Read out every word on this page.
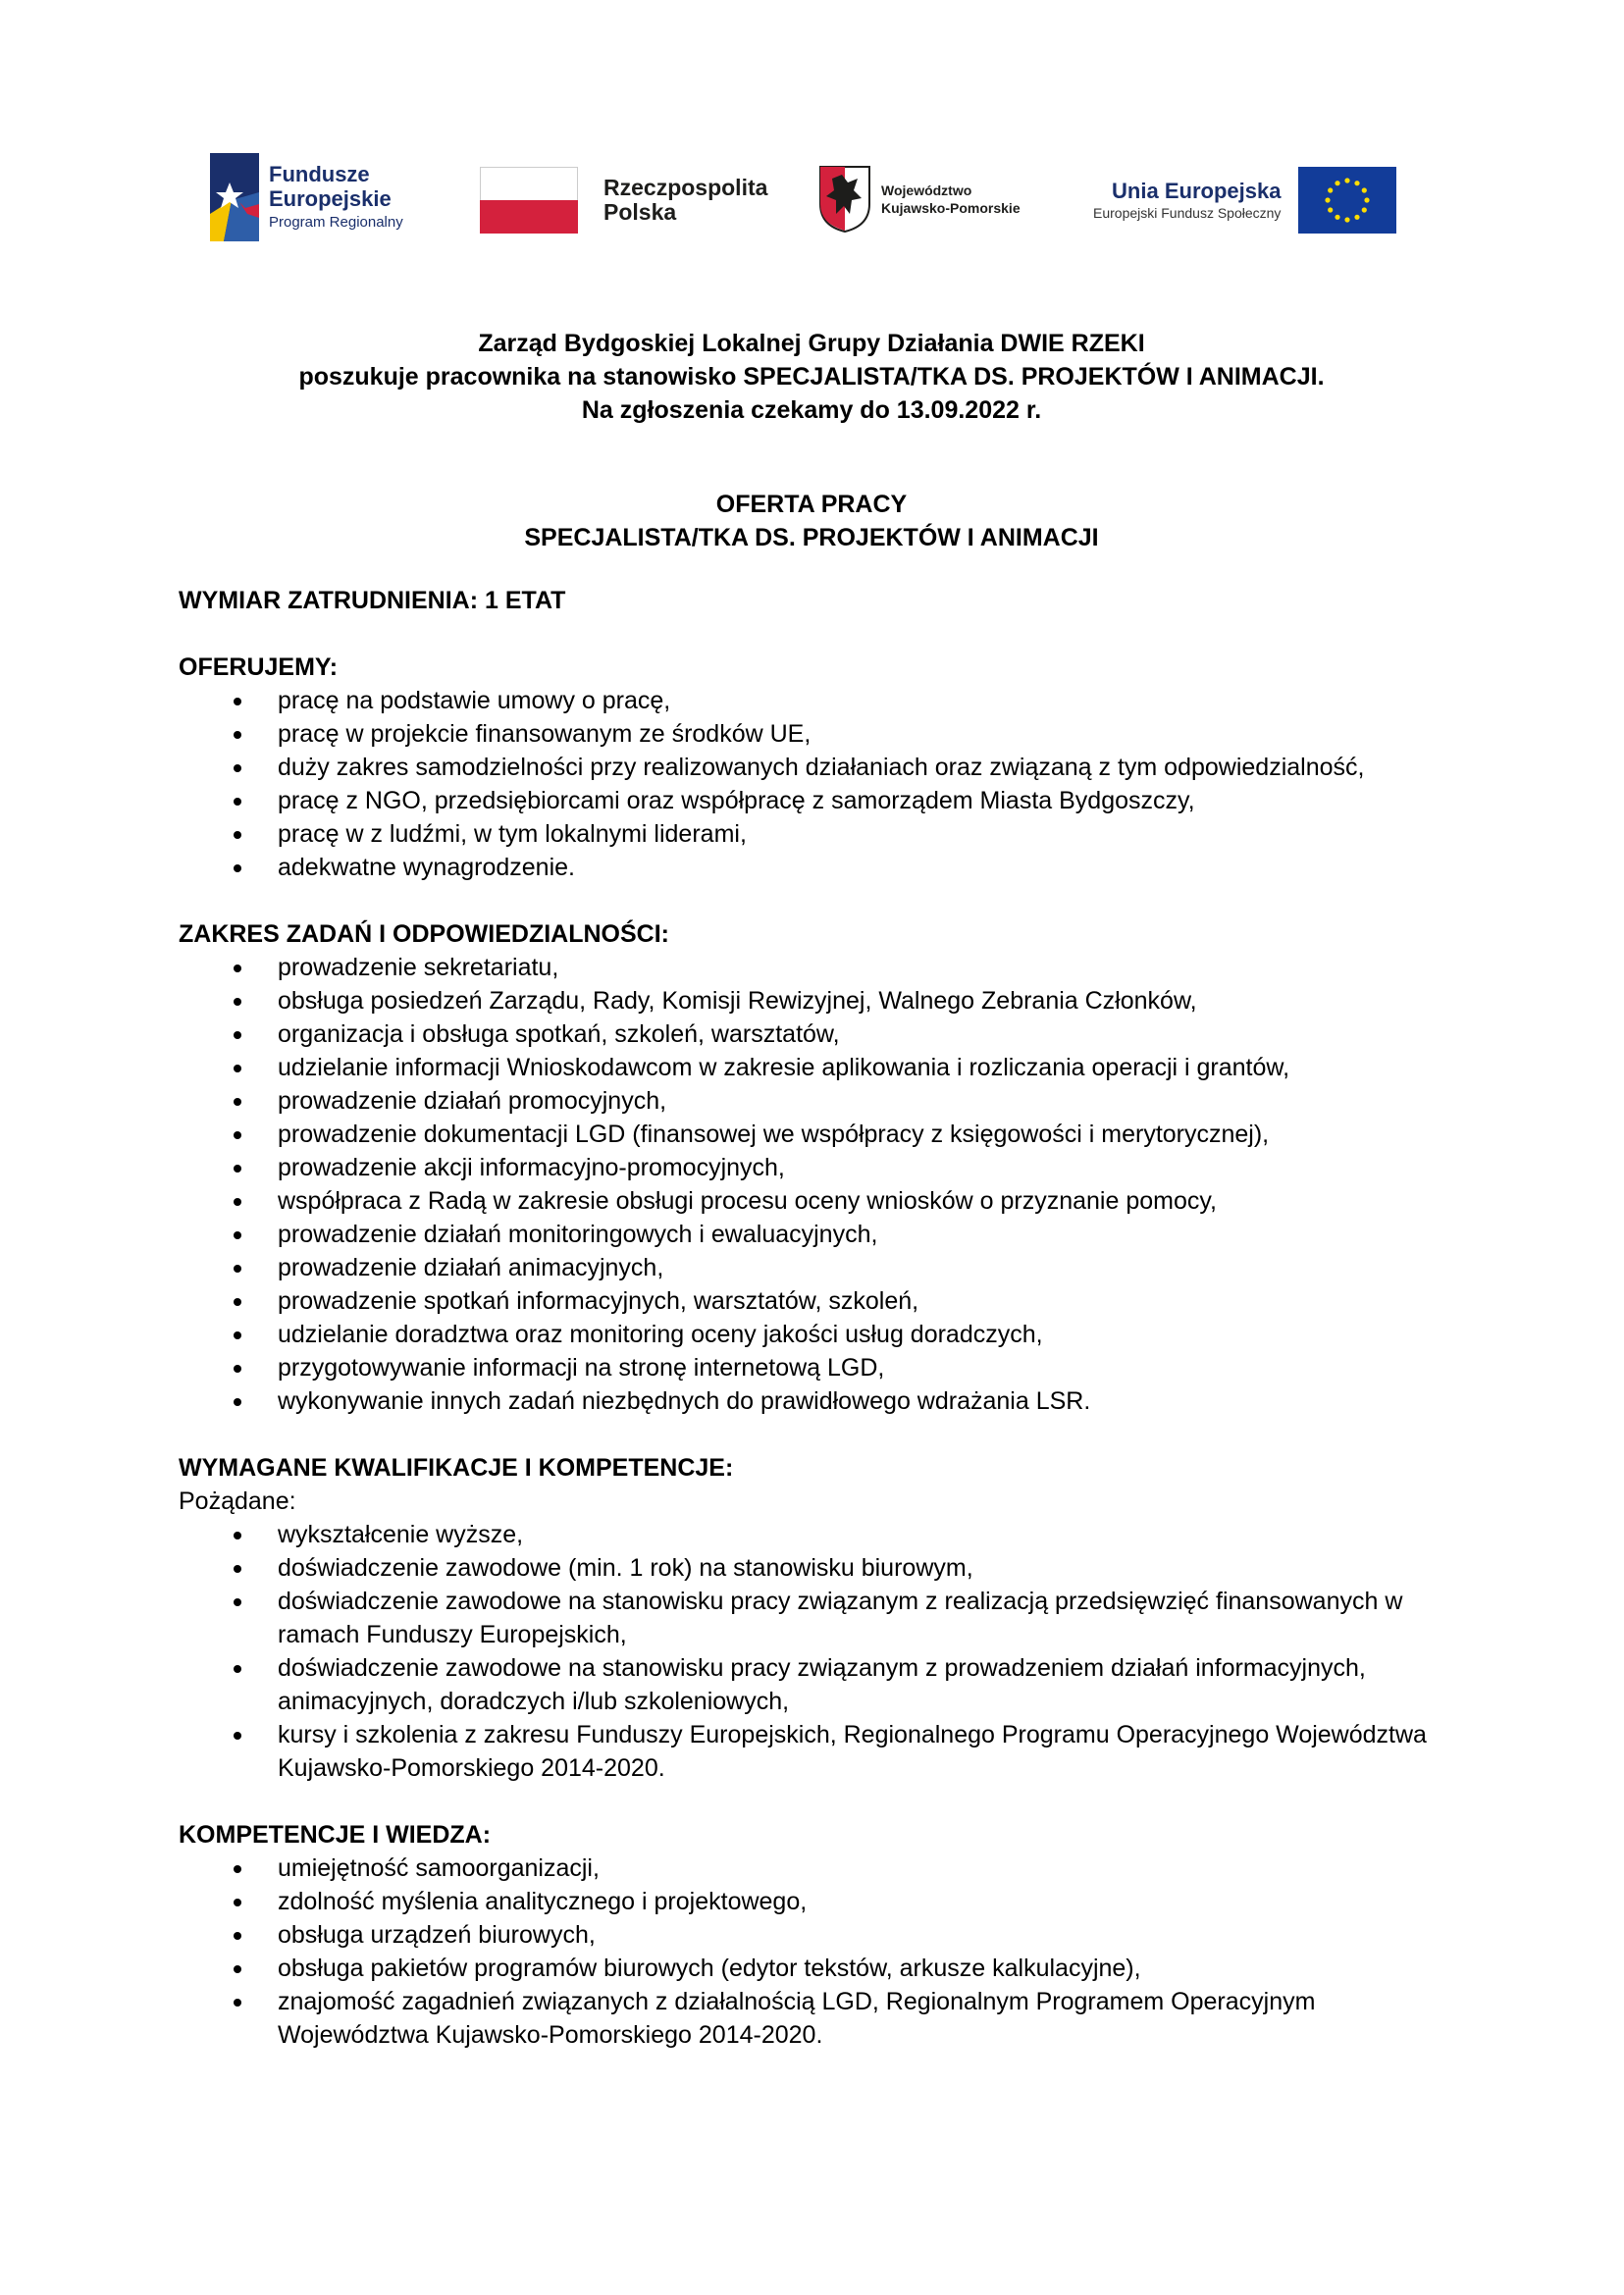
Fundusze
Europejskie
Program Regionalny
Rzeczpospolita
Polska
Województwo
Kujawsko-Pomorskie
Unia Europejska
Europejski Fundusz Społeczny

Zarząd Bydgoskiej Lokalnej Grupy Działania DWIE RZEKI

poszukuje pracownika na stanowisko SPECJALISTA/TKA DS. PROJEKTÓW I ANIMACJI.

Na zgłoszenia czekamy do 13.09.2022 r.

OFERTA PRACY

SPECJALISTA/TKA DS. PROJEKTÓW I ANIMACJI

WYMIAR ZATRUDNIENIA: 1 ETAT

OFERUJEMY:

pracę na podstawie umowy o pracę,
pracę w projekcie finansowanym ze środków UE,
duży zakres samodzielności przy realizowanych działaniach oraz związaną z tym odpowiedzialność,
pracę z NGO, przedsiębiorcami oraz współpracę z samorządem Miasta Bydgoszczy,
pracę w z ludźmi, w tym lokalnymi liderami,
adekwatne wynagrodzenie.

ZAKRES ZADAŃ I ODPOWIEDZIALNOŚCI:

prowadzenie sekretariatu,
obsługa posiedzeń Zarządu, Rady, Komisji Rewizyjnej, Walnego Zebrania Członków,
organizacja i obsługa spotkań, szkoleń, warsztatów,
udzielanie informacji Wnioskodawcom w zakresie aplikowania i rozliczania operacji i grantów,
prowadzenie działań promocyjnych,
prowadzenie dokumentacji LGD (finansowej we współpracy z księgowości i merytorycznej),
prowadzenie akcji informacyjno-promocyjnych,
współpraca z Radą w zakresie obsługi procesu oceny wniosków o przyznanie pomocy,
prowadzenie działań monitoringowych i ewaluacyjnych,
prowadzenie działań animacyjnych,
prowadzenie spotkań informacyjnych, warsztatów, szkoleń,
udzielanie doradztwa oraz monitoring oceny jakości usług doradczych,
przygotowywanie informacji na stronę internetową LGD,
wykonywanie innych zadań niezbędnych do prawidłowego wdrażania LSR.

WYMAGANE KWALIFIKACJE I KOMPETENCJE:

Pożądane:

wykształcenie wyższe,
doświadczenie zawodowe (min. 1 rok) na stanowisku biurowym,
doświadczenie zawodowe na stanowisku pracy związanym z realizacją przedsięwzięć finansowanych w ramach Funduszy Europejskich,
doświadczenie zawodowe na stanowisku pracy związanym z prowadzeniem działań informacyjnych, animacyjnych, doradczych i/lub szkoleniowych,
kursy i szkolenia z zakresu Funduszy Europejskich, Regionalnego Programu Operacyjnego Województwa Kujawsko-Pomorskiego 2014-2020.

KOMPETENCJE I WIEDZA:

umiejętność samoorganizacji,
zdolność myślenia analitycznego i projektowego,
obsługa urządzeń biurowych,
obsługa pakietów programów biurowych (edytor tekstów, arkusze kalkulacyjne),
znajomość zagadnień związanych z działalnością LGD, Regionalnym Programem Operacyjnym Województwa Kujawsko-Pomorskiego 2014-2020.
